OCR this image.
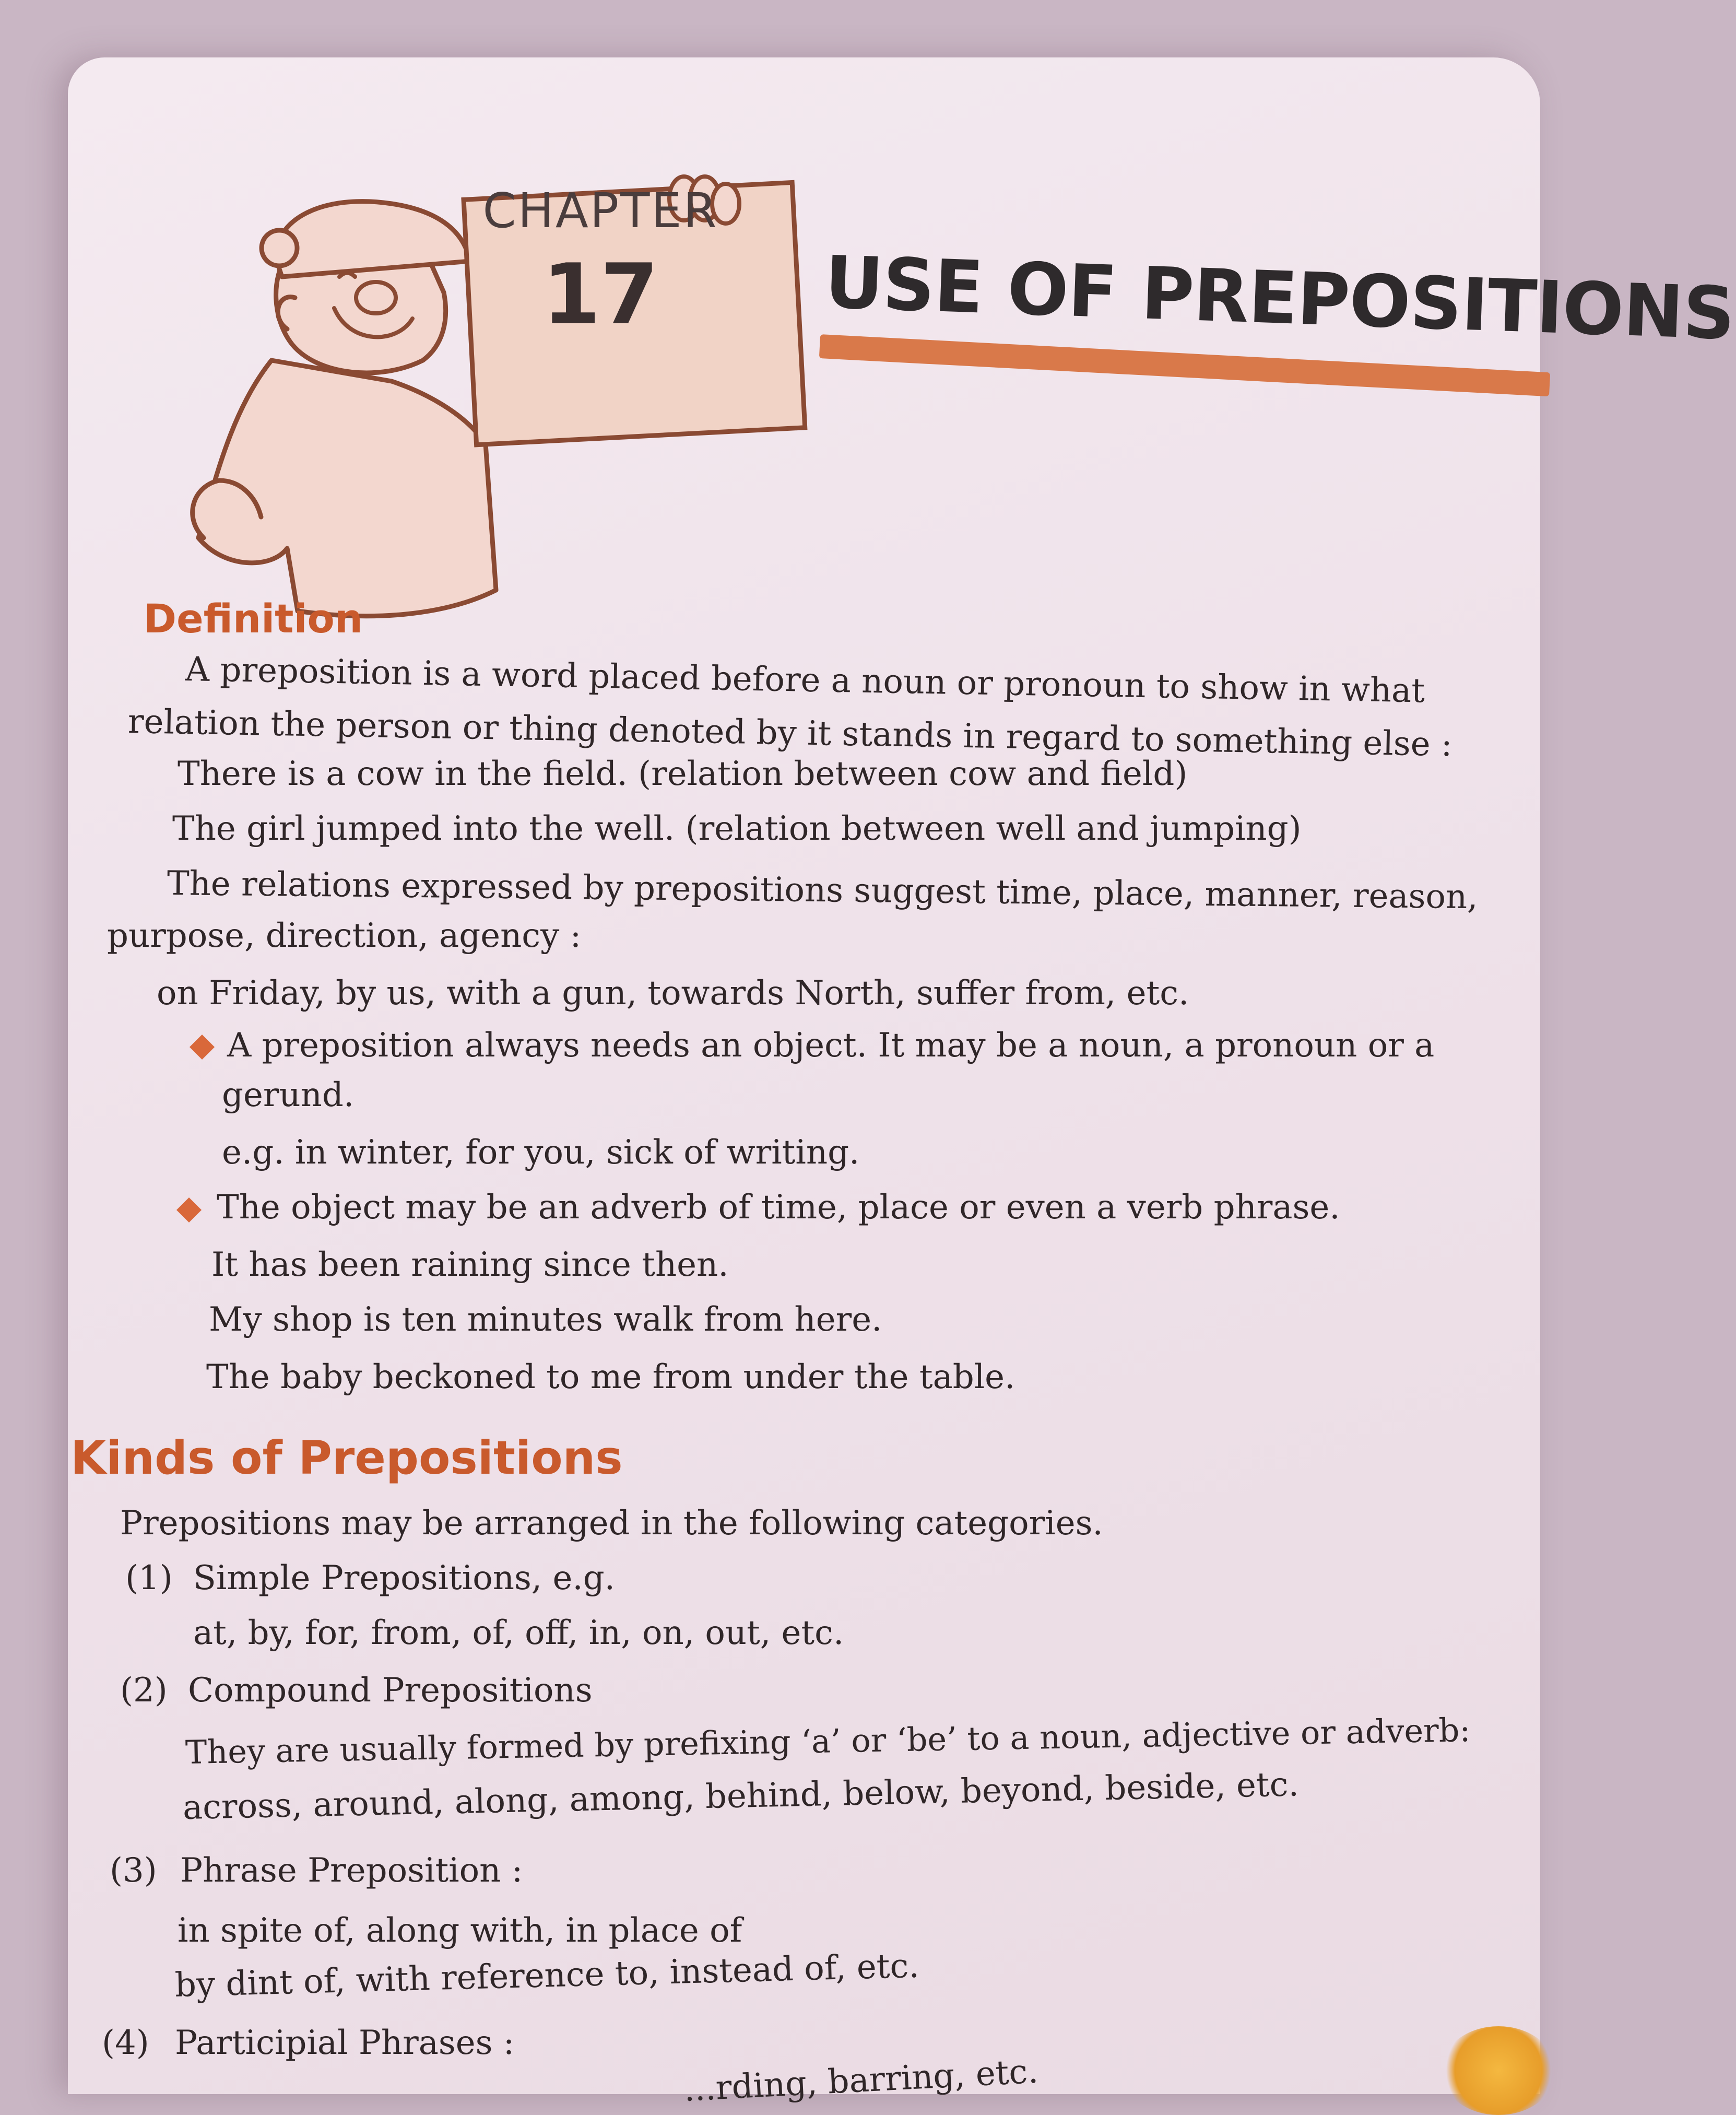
CHAPTER
17	USE OF PREPOSITIONS
Definition
A preposition is a word placed before a noun or pronoun to show in what
relation the person or thing denoted by it stands in regard to something else :
There is a cow in the field. (relation between cow and field)
The girl jumped into the well. (relation between well and jumping)
The relations expressed by prepositions suggest time, place, manner, reason,
purpose, direction, agency :
on Friday, by us, with a gun, towards North, suffer from, etc.
A preposition always needs an object. It may be a noun, a pronoun or a
gerund.
e.g. in winter, for you, sick of writing.
The object may be an adverb of time, place or even a verb phrase.
It has been raining since then.
My shop is ten minutes walk from here.
The baby beckoned to me from under the table.
Kinds of Prepositions
Prepositions may be arranged in the following categories.
(1) Simple Prepositions, e.g.
at, by, for, from, of, off, in, on, out, etc.
(2) Compound Prepositions
They are usually formed by prefixing ‘a’ or ‘be’ to a noun, adjective or adverb:
across, around, along, among, behind, below, beyond, beside, etc.
(3) Phrase Preposition :
in spite of, along with, in place of
by dint of, with reference to, instead of, etc.
(4) Participial Phrases :
...rding, barring, etc.
